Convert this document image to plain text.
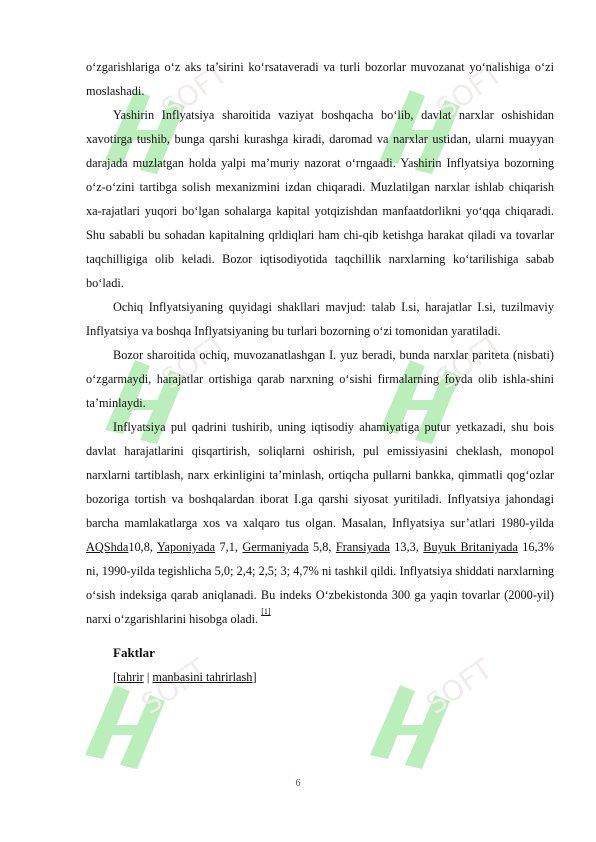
SOFT	SOFT
SOFT	SOFT
SOFT	SOFT

o‘zgarishlariga o‘z aks ta’sirini ko‘rsataveradi va turli bozorlar muvozanat yo‘nalishiga o‘zi moslashadi.

Yashirin Inflyatsiya sharoitida vaziyat boshqacha bo‘lib, davlat narxlar oshishidan xavotirga tushib, bunga qarshi kurashga kiradi, daromad va narxlar ustidan, ularni muayyan darajada muzlatgan holda yalpi ma’muriy nazorat o‘rngaadi. Yashirin Inflyatsiya bozorning o‘z-o‘zini tartibga solish mexanizmini izdan chiqaradi. Muzlatilgan narxlar ishlab chiqarish xa-rajatlari yuqori bo‘lgan sohalarga kapital yotqizishdan manfaatdorlikni yo‘qqa chiqaradi. Shu sababli bu sohadan kapitalning qrldiqlari ham chi-qib ketishga harakat qiladi va tovarlar taqchilligiga olib keladi. Bozor iqtisodiyotida taqchillik narxlarning ko‘tarilishiga sabab bo‘ladi.

Ochiq Inflyatsiyaning quyidagi shakllari mavjud: talab I.si, harajatlar I.si, tuzilmaviy Inflyatsiya va boshqa Inflyatsiyaning bu turlari bozorning o‘zi tomonidan yaratiladi.

Bozor sharoitida ochiq, muvozanatlashgan I. yuz beradi, bunda narxlar pariteta (nisbati) o‘zgarmaydi, harajatlar ortishiga qarab narxning o‘sishi firmalarning foyda olib ishla-shini ta’minlaydi.

Inflyatsiya pul qadrini tushirib, uning iqtisodiy ahamiyatiga putur yetkazadi, shu bois davlat harajatlarini qisqartirish, soliqlarni oshirish, pul emissiyasini cheklash, monopol narxlarni tartiblash, narx erkinligini ta’minlash, ortiqcha pullarni bankka, qimmatli qog‘ozlar bozoriga tortish va boshqalardan iborat I.ga qarshi siyosat yuritiladi. Inflyatsiya jahondagi barcha mamlakatlarga xos va xalqaro tus olgan. Masalan, Inflyatsiya sur’atlari 1980-yilda AQShda10,8, Yaponiyada 7,1, Germaniyada 5,8, Fransiyada 13,3, Buyuk Britaniyada 16,3% ni, 1990-yilda tegishlicha 5,0; 2,4; 2,5; 3; 4,7% ni tashkil qildi. Inflyatsiya shiddati narxlarning o‘sish indeksiga qarab aniqlanadi. Bu indeks O‘zbekistonda 300 ga yaqin tovarlar (2000-yil) narxi o‘zgarishlarini hisobga oladi. [1]

Faktlar
[tahrir | manbasini tahrirlash]
6
